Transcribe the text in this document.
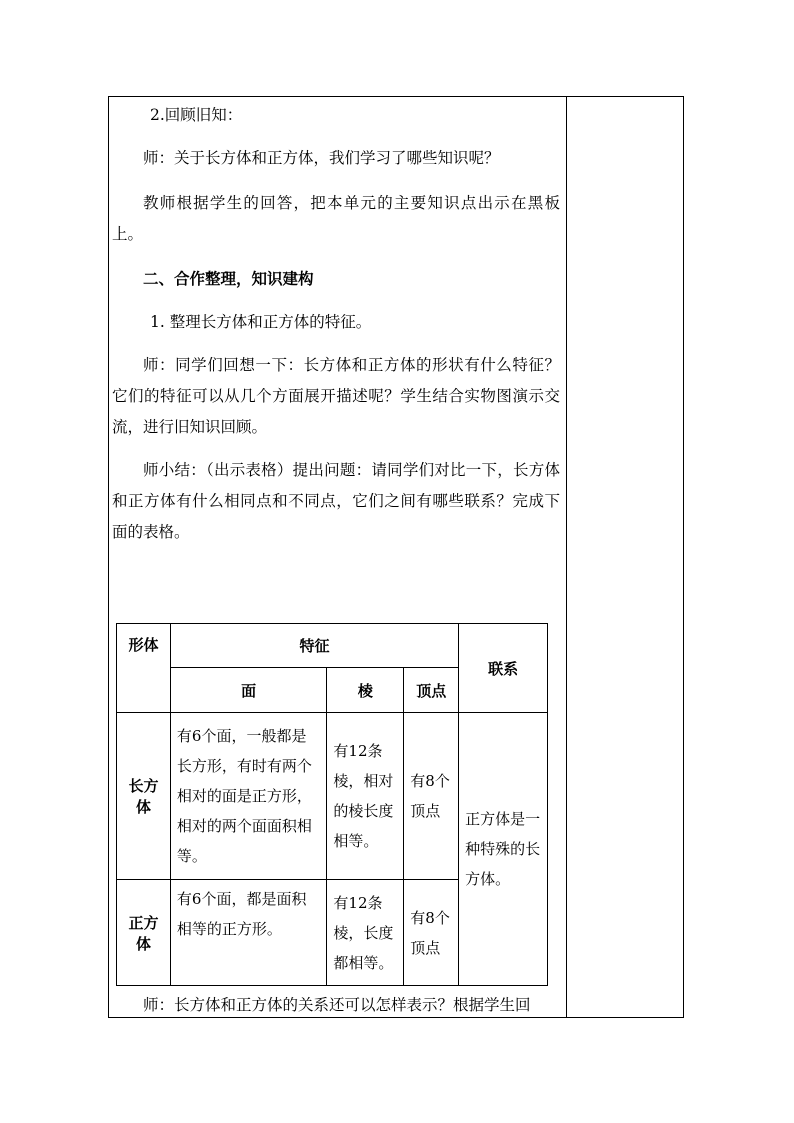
2.回顾旧知：

师：关于长方体和正方体，我们学习了哪些知识呢？

教师根据学生的回答，把本单元的主要知识点出示在黑板上。

二、合作整理，知识建构

1. 整理长方体和正方体的特征。

师：同学们回想一下：长方体和正方体的形状有什么特征？它们的特征可以从几个方面展开描述呢？学生结合实物图演示交流，进行旧知识回顾。

师小结：（出示表格）提出问题：请同学们对比一下，长方体和正方体有什么相同点和不同点，它们之间有哪些联系？完成下面的表格。

形体	特征			联系
	面	棱	顶点	
长方体	有6个面，一般都是长方形，有时有两个相对的面是正方形，相对的两个面面积相等。	有12条棱，相对的棱长度相等。	有8个顶点	正方体是一种特殊的长方体。
正方体	有6个面，都是面积相等的正方形。	有12条棱，长度都相等。	有8个顶点	

师：长方体和正方体的关系还可以怎样表示？根据学生回
